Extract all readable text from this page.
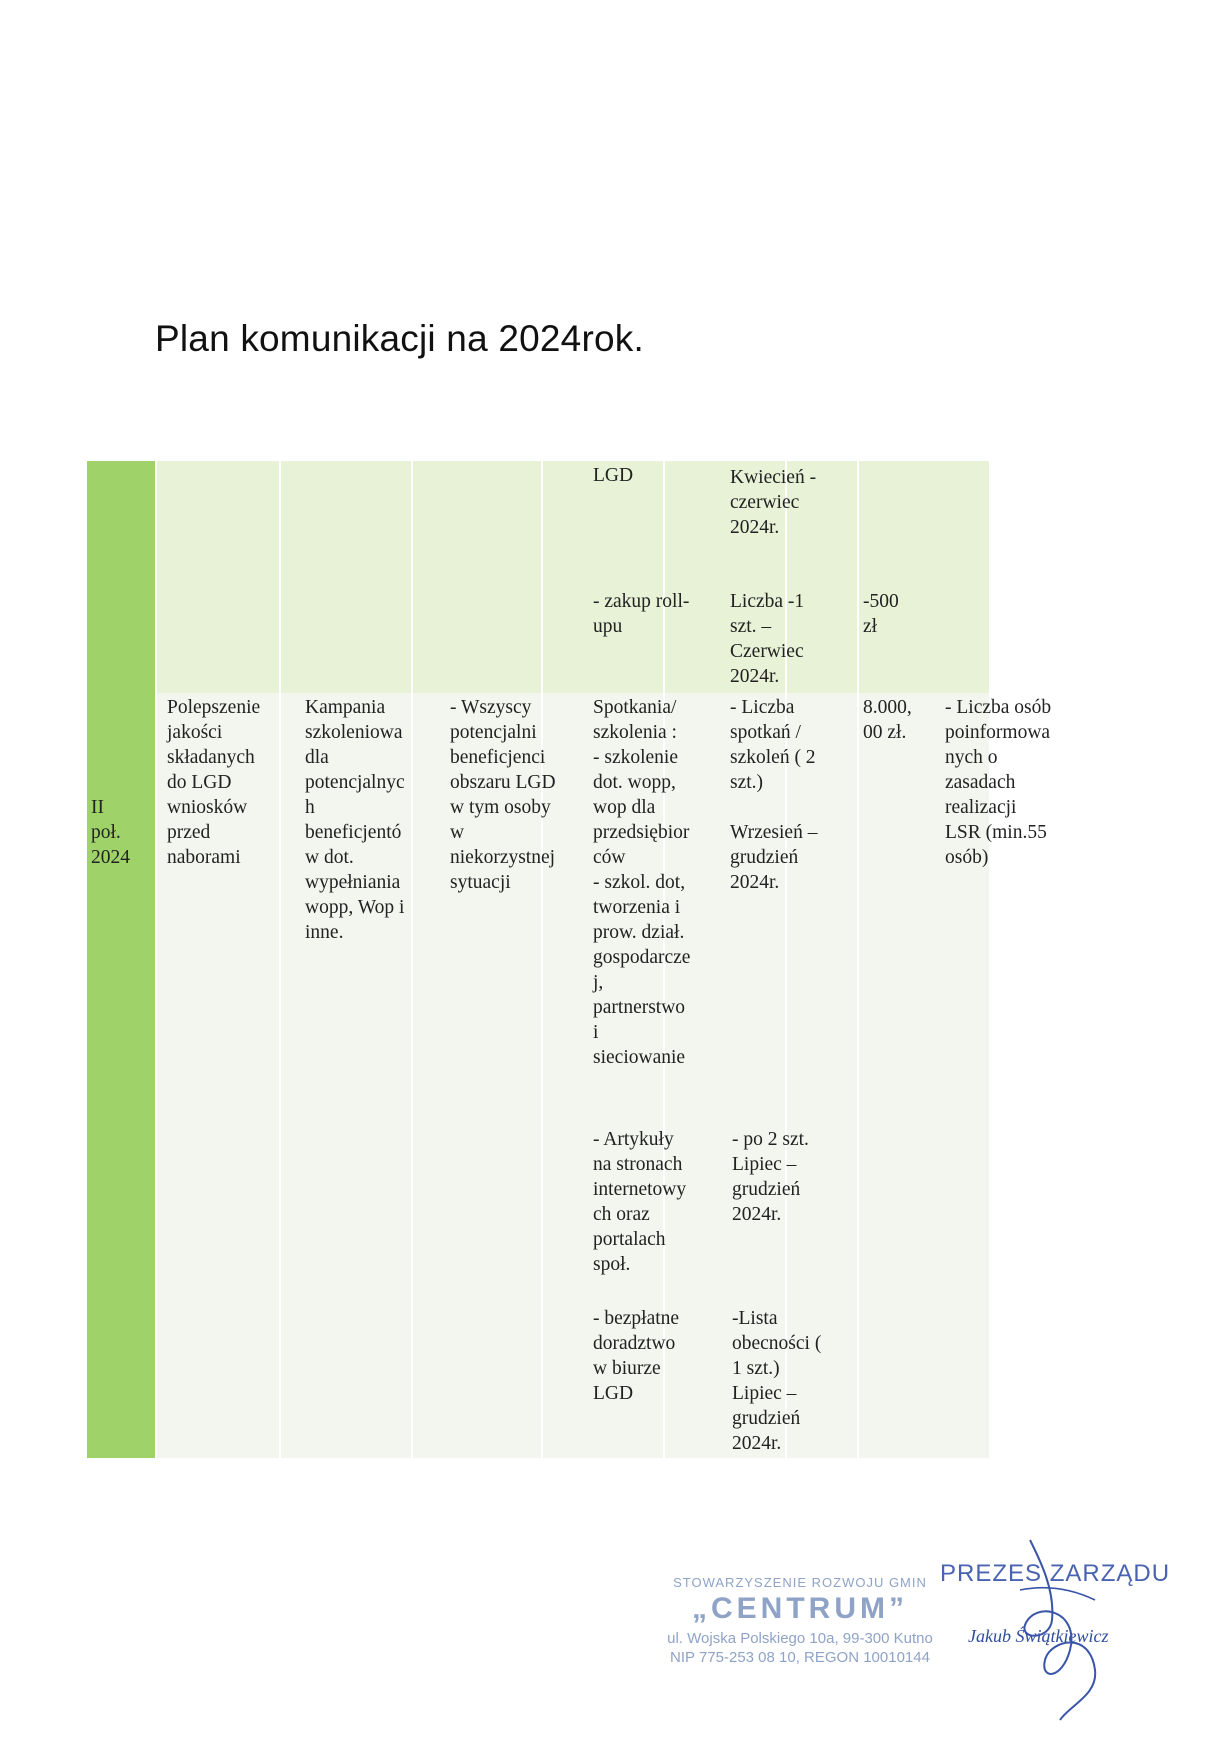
Plan komunikacji na 2024rok.
LGD	Kwiecień -
czerwiec
2024r.
- zakup roll-
upu
Liczba -1
szt. –
Czerwiec
2024r.
-500
zł
II
poł.
2024
Polepszenie
jakości
składanych
do LGD
wniosków
przed
naborami
Kampania
szkoleniowa
dla
potencjalnyc
h
beneficjentó
w dot.
wypełniania
wopp, Wop i
inne.
- Wszyscy
potencjalni
beneficjenci
obszaru LGD
w tym osoby
w
niekorzystnej
sytuacji
Spotkania/
szkolenia :
- szkolenie
dot. wopp,
wop dla
przedsiębior
ców
- szkol. dot,
tworzenia i
prow. dział.
gospodarcze
j,
partnerstwo
i
sieciowanie
- Liczba
spotkań /
szkoleń ( 2
szt.)

Wrzesień –
grudzień
2024r.
8.000,
00 zł.
- Liczba osób
poinformowa
nych o
zasadach
realizacji
LSR (min.55
osób)
- Artykuły
na stronach
internetowy
ch oraz
portalach
społ.
- po 2 szt.
Lipiec –
grudzień
2024r.
- bezpłatne
doradztwo
w biurze
LGD
-Lista
obecności (
1 szt.)
Lipiec –
grudzień
2024r.
STOWARZYSZENIE ROZWOJU GMIN
„CENTRUM”
ul. Wojska Polskiego 10a, 99-300 Kutno
NIP 775-253 08 10, REGON 10010144
PREZES ZARZĄDU
Jakub Świątkiewicz
